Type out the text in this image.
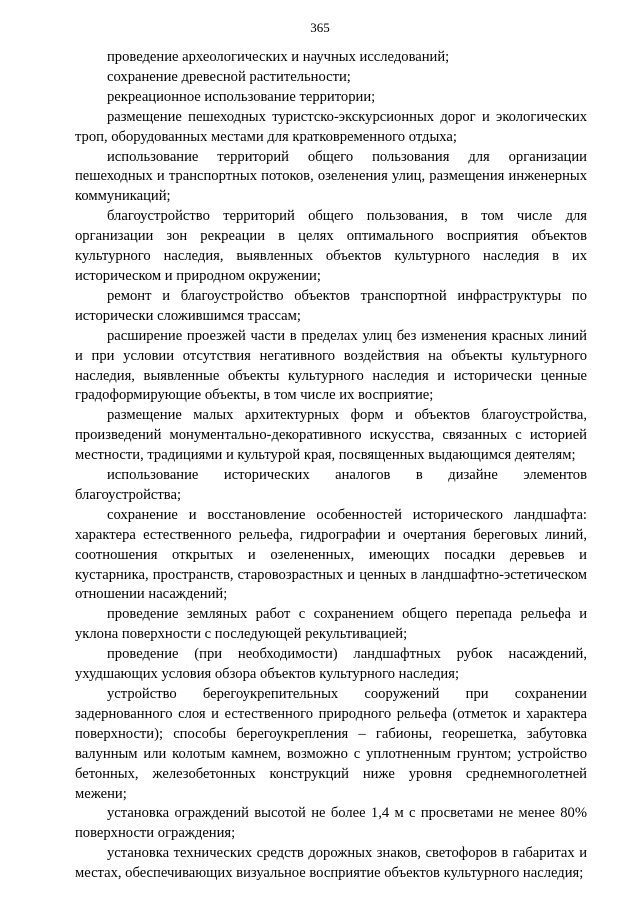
365

проведение археологических и научных исследований;

сохранение древесной растительности;

рекреационное использование территории;

размещение пешеходных туристско-экскурсионных дорог и экологических троп, оборудованных местами для кратковременного отдыха;

использование территорий общего пользования для организации пешеходных и транспортных потоков, озеленения улиц, размещения инженерных коммуникаций;

благоустройство территорий общего пользования, в том числе для организации зон рекреации в целях оптимального восприятия объектов культурного наследия, выявленных объектов культурного наследия в их историческом и природном окружении;

ремонт и благоустройство объектов транспортной инфраструктуры по исторически сложившимся трассам;

расширение проезжей части в пределах улиц без изменения красных линий и при условии отсутствия негативного воздействия на объекты культурного наследия, выявленные объекты культурного наследия и исторически ценные градоформирующие объекты, в том числе их восприятие;

размещение малых архитектурных форм и объектов благоустройства, произведений монументально-декоративного искусства, связанных с историей местности, традициями и культурой края, посвященных выдающимся деятелям;

использование исторических аналогов в дизайне элементов благоустройства;

сохранение и восстановление особенностей исторического ландшафта: характера естественного рельефа, гидрографии и очертания береговых линий, соотношения открытых и озелененных, имеющих посадки деревьев и кустарника, пространств, старовозрастных и ценных в ландшафтно-эстетическом отношении насаждений;

проведение земляных работ с сохранением общего перепада рельефа и уклона поверхности с последующей рекультивацией;

проведение (при необходимости) ландшафтных рубок насаждений, ухудшающих условия обзора объектов культурного наследия;

устройство берегоукрепительных сооружений при сохранении задернованного слоя и естественного природного рельефа (отметок и характера поверхности); способы берегоукрепления – габионы, георешетка, забутовка валунным или колотым камнем, возможно с уплотненным грунтом; устройство бетонных, железобетонных конструкций ниже уровня среднемноголетней межени;

установка ограждений высотой не более 1,4 м с просветами не менее 80% поверхности ограждения;

установка технических средств дорожных знаков, светофоров в габаритах и местах, обеспечивающих визуальное восприятие объектов культурного наследия;
